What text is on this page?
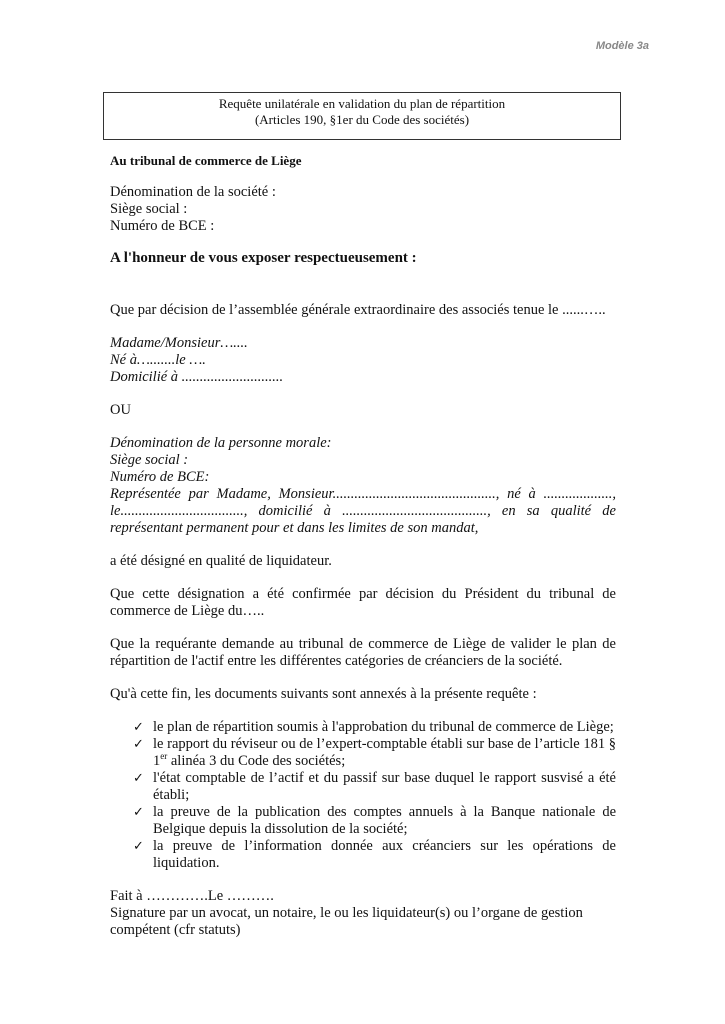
Modèle 3a
Requête unilatérale en validation du plan de répartition
(Articles 190, §1er du Code des sociétés)

Au tribunal de commerce de Liège

Dénomination de la société :

Siège social :

Numéro de BCE :

A l'honneur de vous exposer respectueusement :

Que par décision de l’assemblée générale extraordinaire des associés tenue le ......…..

Madame/Monsieur…....

Né à….......le ….

Domicilié à ............................

OU

Dénomination de la personne morale:

Siège social :

Numéro de BCE:

Représentée par Madame, Monsieur............................................., né à ...................,

le.................................., domicilié à ........................................, en sa qualité de

représentant permanent pour et dans les limites de son mandat,

a été désigné en qualité de liquidateur.

Que cette désignation a été confirmée par décision du Président du tribunal de commerce de Liège du…..

Que la requérante demande au tribunal de commerce de Liège de valider le plan de répartition de l'actif entre les différentes catégories de créanciers de la société.

Qu'à cette fin, les documents suivants sont annexés à la présente requête :

✓ le plan de répartition soumis à l'approbation du tribunal de commerce de Liège;
✓ le rapport du réviseur ou de l’expert-comptable établi sur base de l’article 181 § 1er alinéa 3 du Code des sociétés;
✓ l'état comptable de l’actif et du passif sur base duquel le rapport susvisé a été établi;
✓ la preuve de la publication des comptes annuels à la Banque nationale de Belgique depuis la dissolution de la société;
✓ la preuve de l’information donnée aux créanciers sur les opérations de liquidation.

Fait à ………….Le ……….

Signature par un avocat, un notaire, le ou les liquidateur(s) ou l’organe de gestion compétent (cfr statuts)
